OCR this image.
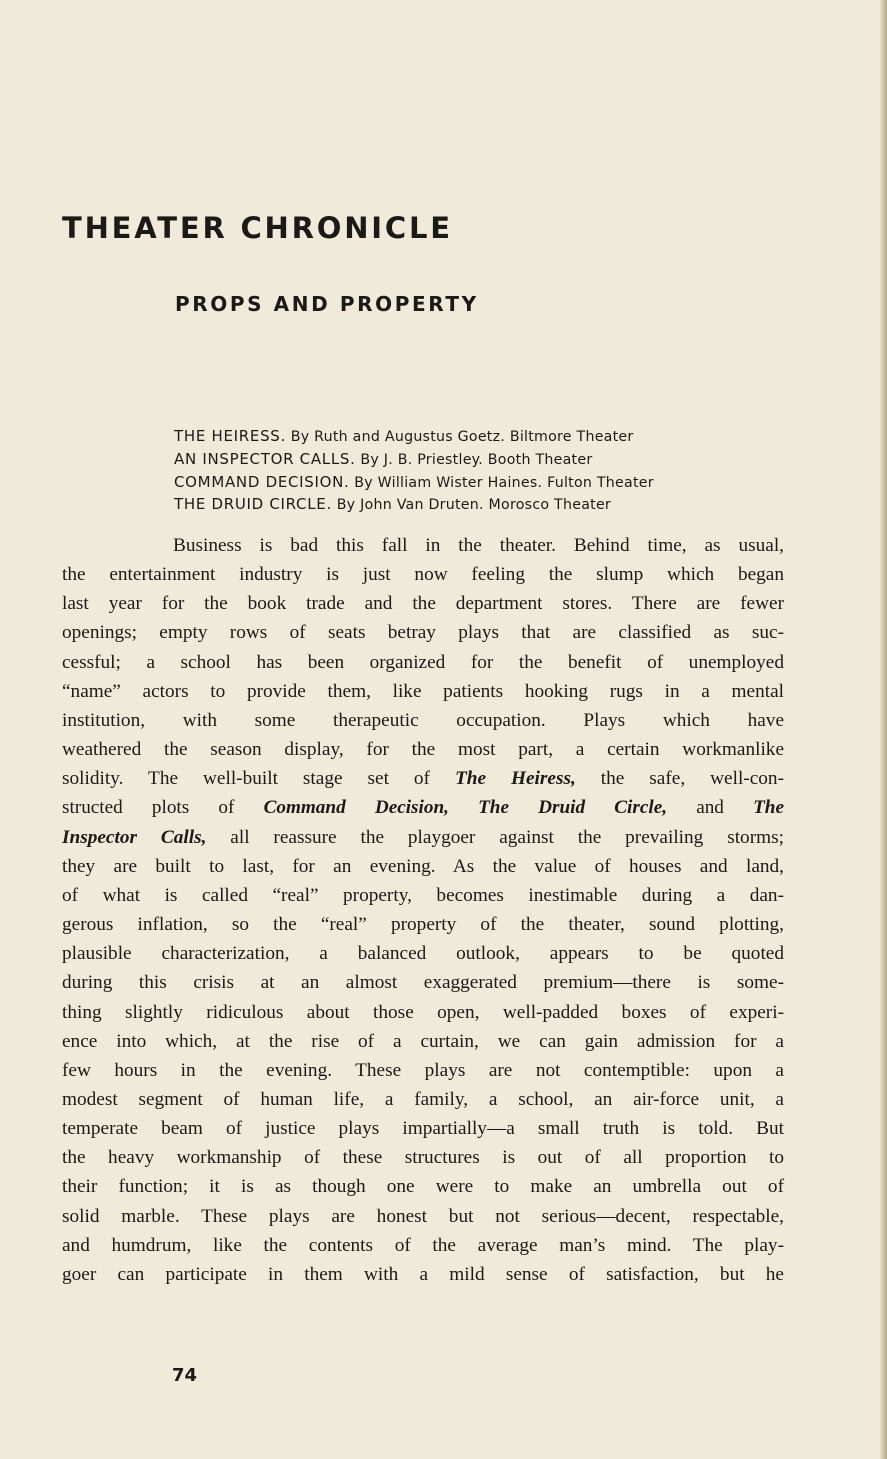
THEATER CHRONICLE
PROPS AND PROPERTY
THE HEIRESS. By Ruth and Augustus Goetz. Biltmore Theater
AN INSPECTOR CALLS. By J. B. Priestley. Booth Theater
COMMAND DECISION. By William Wister Haines. Fulton Theater
THE DRUID CIRCLE. By John Van Druten. Morosco Theater
Business is bad this fall in the theater. Behind time, as usual,
the entertainment industry is just now feeling the slump which began
last year for the book trade and the department stores. There are fewer
openings; empty rows of seats betray plays that are classified as suc-
cessful; a school has been organized for the benefit of unemployed
“name” actors to provide them, like patients hooking rugs in a mental
institution, with some therapeutic occupation. Plays which have
weathered the season display, for the most part, a certain workmanlike
solidity. The well-built stage set of The Heiress, the safe, well-con-
structed plots of Command Decision, The Druid Circle, and The
Inspector Calls, all reassure the playgoer against the prevailing storms;
they are built to last, for an evening. As the value of houses and land,
of what is called “real” property, becomes inestimable during a dan-
gerous inflation, so the “real” property of the theater, sound plotting,
plausible characterization, a balanced outlook, appears to be quoted
during this crisis at an almost exaggerated premium—there is some-
thing slightly ridiculous about those open, well-padded boxes of experi-
ence into which, at the rise of a curtain, we can gain admission for a
few hours in the evening. These plays are not contemptible: upon a
modest segment of human life, a family, a school, an air-force unit, a
temperate beam of justice plays impartially—a small truth is told. But
the heavy workmanship of these structures is out of all proportion to
their function; it is as though one were to make an umbrella out of
solid marble. These plays are honest but not serious—decent, respectable,
and humdrum, like the contents of the average man’s mind. The play-
goer can participate in them with a mild sense of satisfaction, but he

74
